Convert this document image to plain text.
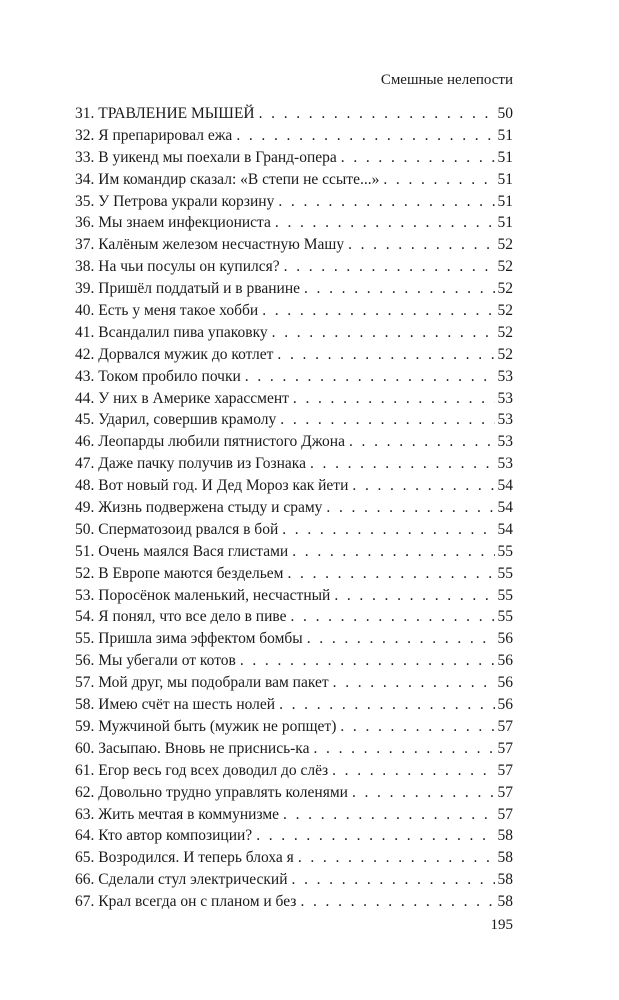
Смешные нелепости
31. ТРАВЛЕНИЕ МЫШЕЙ . . .	50
32. Я препарировал ежа . . .	51
33. В уикенд мы поехали в Гранд-опера . . .	51
34. Им командир сказал: «В степи не ссыте...» . . .	51
35. У Петрова украли корзину . . .	51
36. Мы знаем инфекциониста . . .	51
37. Калёным железом несчастную Машу . . .	52
38. На чьи посулы он купился? . . .	52
39. Пришёл поддатый и в рванине . . .	52
40. Есть у меня такое хобби . . .	52
41. Всандалил пива упаковку . . .	52
42. Дорвался мужик до котлет . . .	52
43. Током пробило почки . . .	53
44. У них в Америке харассмент . . .	53
45. Ударил, совершив крамолу . . .	53
46. Леопарды любили пятнистого Джона . . .	53
47. Даже пачку получив из Гознака . . .	53
48. Вот новый год. И Дед Мороз как йети . . .	54
49. Жизнь подвержена стыду и сраму . . .	54
50. Сперматозоид рвался в бой . . .	54
51. Очень маялся Вася глистами . . .	55
52. В Европе маются бездельем . . .	55
53. Поросёнок маленький, несчастный . . .	55
54. Я понял, что все дело в пиве . . .	55
55. Пришла зима эффектом бомбы . . .	56
56. Мы убегали от котов . . .	56
57. Мой друг, мы подобрали вам пакет . . .	56
58. Имею счёт на шесть нолей . . .	56
59. Мужчиной быть (мужик не ропщет) . . .	57
60. Засыпаю. Вновь не приснись-ка . . .	57
61. Егор весь год всех доводил до слёз . . .	57
62. Довольно трудно управлять коленями . . .	57
63. Жить мечтая в коммунизме . . .	57
64. Кто автор композиции? . . .	58
65. Возродился. И теперь блоха я . . .	58
66. Сделали стул электрический . . .	58
67. Крал всегда он с планом и без . . .	58
195
